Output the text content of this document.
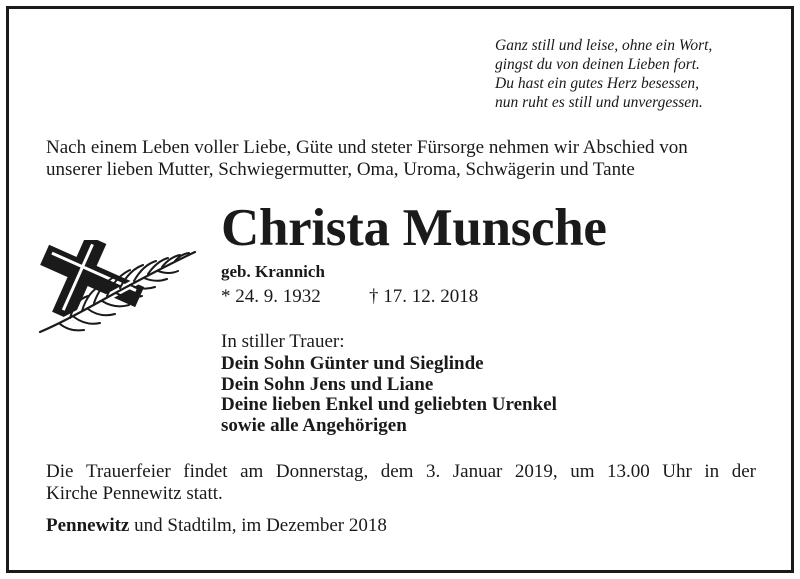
Ganz still und leise, ohne ein Wort,
gingst du von deinen Lieben fort.
Du hast ein gutes Herz besessen,
nun ruht es still und unvergessen.
Nach einem Leben voller Liebe, Güte und steter Fürsorge nehmen wir Abschied von
unserer lieben Mutter, Schwiegermutter, Oma, Uroma, Schwägerin und Tante
Christa Munsche
geb. Krannich
* 24. 9. 1932	† 17. 12. 2018
In stiller Trauer:
Dein Sohn Günter und Sieglinde
Dein Sohn Jens und Liane
Deine lieben Enkel und geliebten Urenkel
sowie alle Angehörigen
Die Trauerfeier findet am Donnerstag, dem 3. Januar 2019, um 13.00 Uhr in der
Kirche Pennewitz statt.
Pennewitz und Stadtilm, im Dezember 2018
